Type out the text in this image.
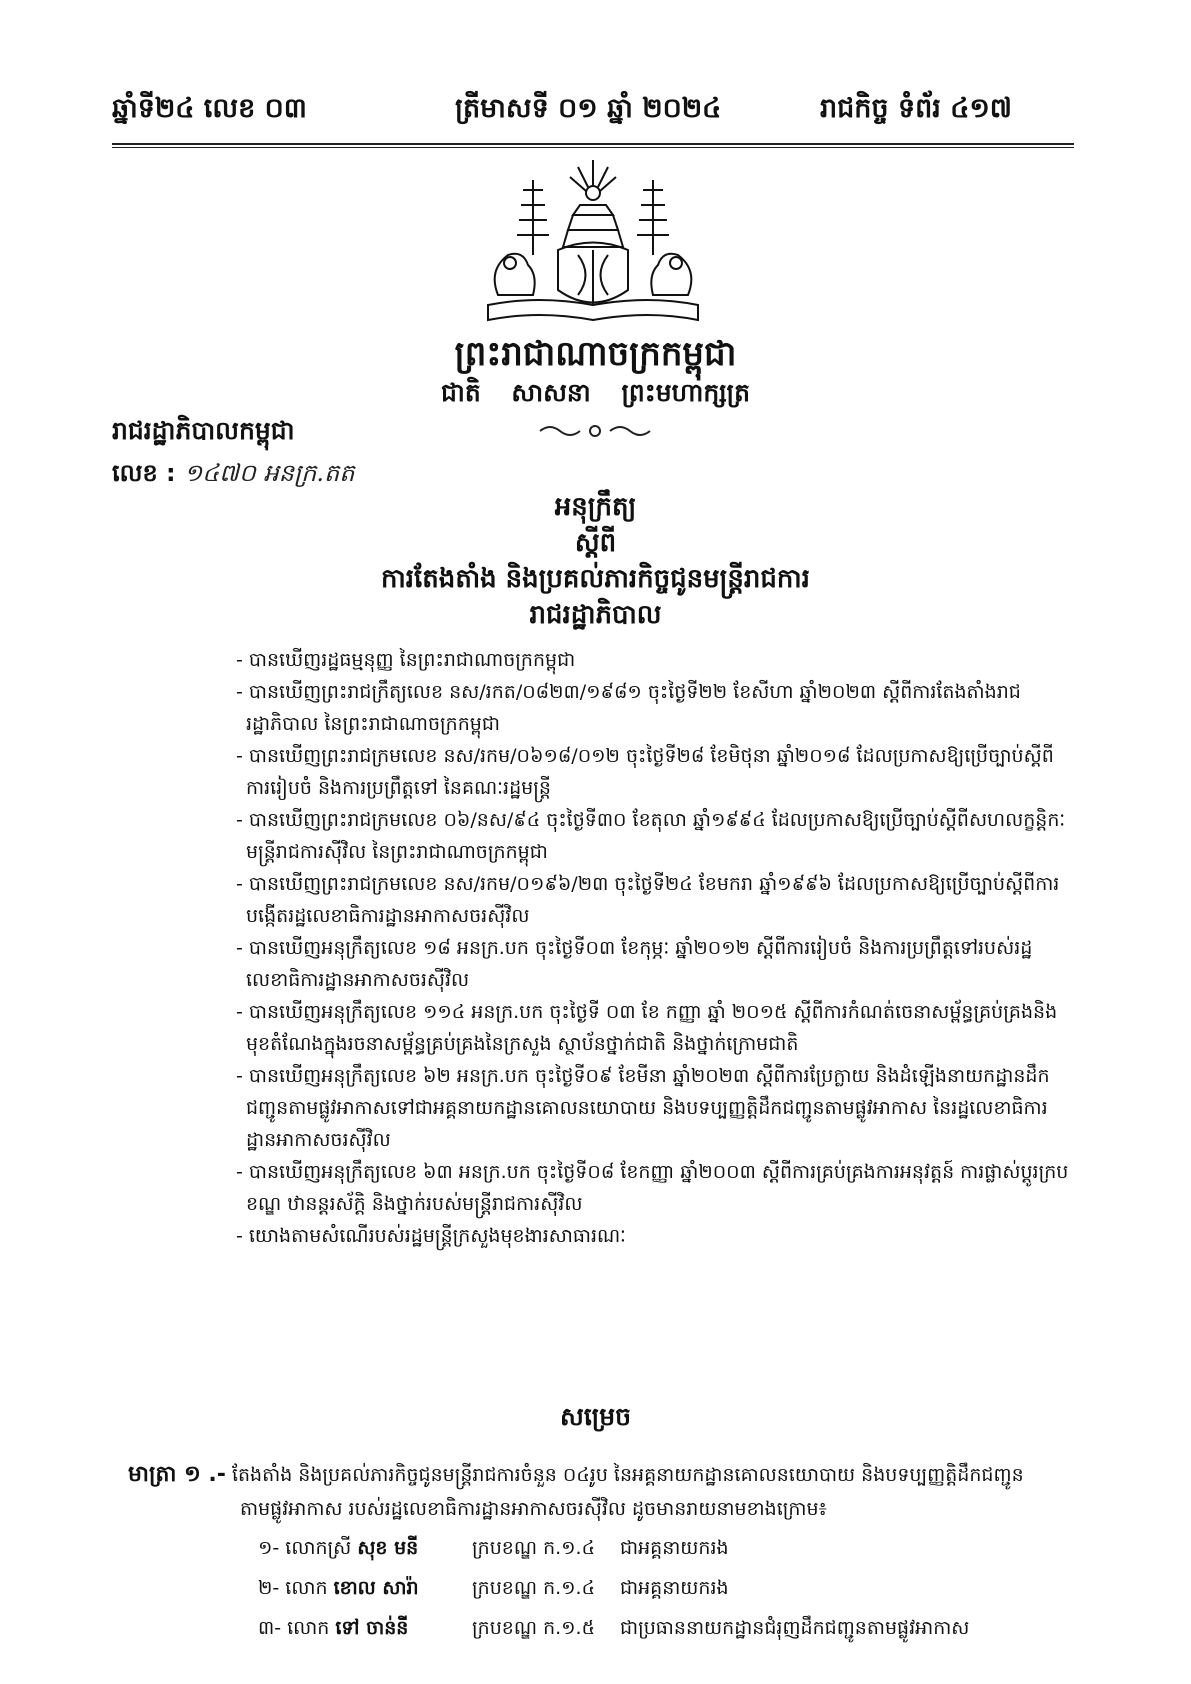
ឆ្នាំទី២៤ លេខ ០៣	ត្រីមាសទី ០១ ឆ្នាំ ២០២៤	រាជកិច្ច ទំព័រ ៤១៧
ព្រះរាជាណាចក្រកម្ពុជា
ជាតិ សាសនា ព្រះមហាក្សត្រ
រាជរដ្ឋាភិបាលកម្ពុជា
លេខ : ១៤៧០ អនក្រ.តត
អនុក្រឹត្យ
ស្តីពី
ការតែងតាំង និងប្រគល់ភារកិច្ចជូនមន្ត្រីរាជការ
រាជរដ្ឋាភិបាល

- បានឃើញរដ្ឋធម្មនុញ្ញ នៃព្រះរាជាណាចក្រកម្ពុជា

- បានឃើញព្រះរាជក្រឹត្យលេខ នស/រកត/០៨២៣/១៩៨១ ចុះថ្ងៃទី២២ ខែសីហា ឆ្នាំ២០២៣ ស្តីពីការតែងតាំងរាជរដ្ឋាភិបាល នៃព្រះរាជាណាចក្រកម្ពុជា

- បានឃើញព្រះរាជក្រមលេខ នស/រកម/០៦១៨/០១២ ចុះថ្ងៃទី២៨ ខែមិថុនា ឆ្នាំ២០១៨ ដែលប្រកាសឱ្យប្រើច្បាប់ស្តីពីការរៀបចំ និងការប្រព្រឹត្តទៅ នៃគណៈរដ្ឋមន្ត្រី

- បានឃើញព្រះរាជក្រមលេខ ០៦/នស/៩៤ ចុះថ្ងៃទី៣០ ខែតុលា ឆ្នាំ១៩៩៤ ដែលប្រកាសឱ្យប្រើច្បាប់ស្តីពីសហលក្ខន្តិកៈមន្ត្រីរាជការស៊ីវិល នៃព្រះរាជាណាចក្រកម្ពុជា

- បានឃើញព្រះរាជក្រមលេខ នស/រកម/០១៩៦/២៣ ចុះថ្ងៃទី២៤ ខែមករា ឆ្នាំ១៩៩៦ ដែលប្រកាសឱ្យប្រើច្បាប់ស្តីពីការបង្កើតរដ្ឋលេខាធិការដ្ឋានអាកាសចរស៊ីវិល

- បានឃើញអនុក្រឹត្យលេខ ១៨ អនក្រ.បក ចុះថ្ងៃទី០៣ ខែកុម្ភៈ ឆ្នាំ២០១២ ស្តីពីការរៀបចំ និងការប្រព្រឹត្តទៅរបស់រដ្ឋលេខាធិការដ្ឋានអាកាសចរស៊ីវិល

- បានឃើញអនុក្រឹត្យលេខ ១១៤ អនក្រ.បក ចុះថ្ងៃទី ០៣ ខែ កញ្ញា ឆ្នាំ ២០១៥ ស្តីពីការកំណត់ចេនាសម្ព័ន្ធគ្រប់គ្រងនិងមុខតំណែងក្នុងរចនាសម្ព័ន្ធគ្រប់គ្រងនៃក្រសួង ស្ថាប័នថ្នាក់ជាតិ និងថ្នាក់ក្រោមជាតិ

- បានឃើញអនុក្រឹត្យលេខ ៦២ អនក្រ.បក ចុះថ្ងៃទី០៩ ខែមីនា ឆ្នាំ២០២៣ ស្តីពីការប្រែក្លាយ និងដំឡើងនាយកដ្ឋានដឹកជញ្ជូនតាមផ្លូវអាកាសទៅជាអគ្គនាយកដ្ឋានគោលនយោបាយ និងបទប្បញ្ញត្តិដឹកជញ្ជូនតាមផ្លូវអាកាស នៃរដ្ឋលេខាធិការដ្ឋានអាកាសចរស៊ីវិល

- បានឃើញអនុក្រឹត្យលេខ ៦៣ អនក្រ.បក ចុះថ្ងៃទី០៨ ខែកញ្ញា ឆ្នាំ២០០៣ ស្តីពីការគ្រប់គ្រងការអនុវត្តន៍ ការផ្លាស់ប្តូរក្របខណ្ឌ ឋានន្តរស័ក្តិ និងថ្នាក់របស់មន្ត្រីរាជការស៊ីវិល

- យោងតាមសំណើរបស់រដ្ឋមន្ត្រីក្រសួងមុខងារសាធារណៈ

សម្រេច
មាត្រា ១ .- តែងតាំង និងប្រគល់ភារកិច្ចជូនមន្ត្រីរាជការចំនួន ០៤រូប នៃអគ្គនាយកដ្ឋានគោលនយោបាយ និងបទប្បញ្ញត្តិដឹកជញ្ជូន
តាមផ្លូវអាកាស របស់រដ្ឋលេខាធិការដ្ឋានអាកាសចរស៊ីវិល ដូចមានរាយនាមខាងក្រោម៖
១- លោកស្រី សុខ មនី	ក្របខណ្ឌ ក.១.៤ ជាអគ្គនាយករង
២- លោក ខោល សារ៉ា	ក្របខណ្ឌ ក.១.៤ ជាអគ្គនាយករង
៣- លោក ទៅ ចាន់នី	ក្របខណ្ឌ ក.១.៥ ជាប្រធាននាយកដ្ឋានជំរុញដឹកជញ្ជូនតាមផ្លូវអាកាស
